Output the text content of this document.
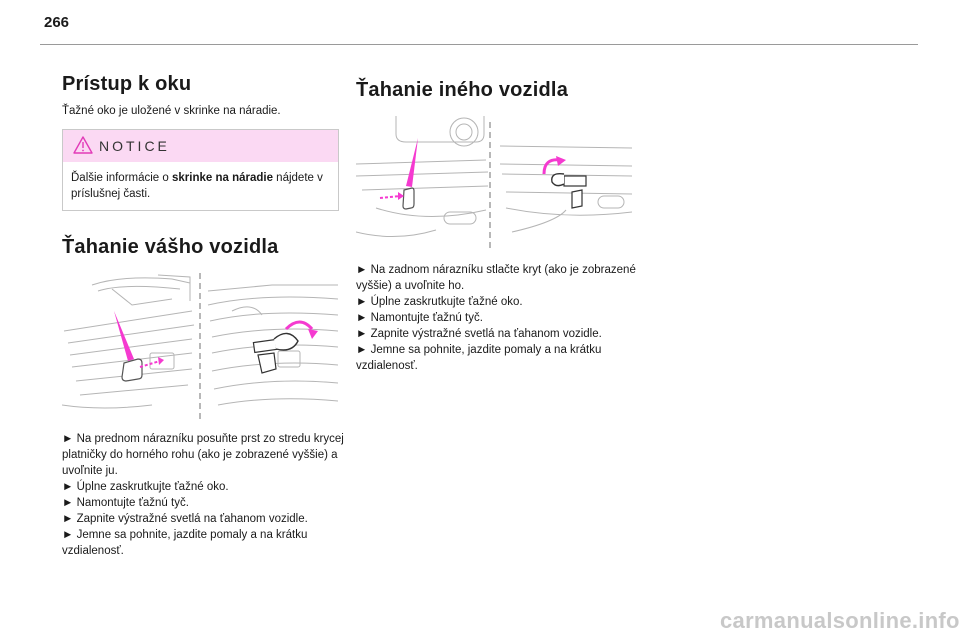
266
Prístup k oku

Ťažné oko je uložené v skrinke na náradie.

NOTICE
Ďalšie informácie o skrinke na náradie nájdete v príslušnej časti.
Ťahanie vášho vozidla
► Na prednom nárazníku posuňte prst zo stredu krycej platničky do horného rohu (ako je zobrazené vyššie) a uvoľnite ju.
► Úplne zaskrutkujte ťažné oko.
► Namontujte ťažnú tyč.
► Zapnite výstražné svetlá na ťahanom vozidle.
► Jemne sa pohnite, jazdite pomaly a na krátku vzdialenosť.
Ťahanie iného vozidla
► Na zadnom nárazníku stlačte kryt (ako je zobrazené vyššie) a uvoľnite ho.
► Úplne zaskrutkujte ťažné oko.
► Namontujte ťažnú tyč.
► Zapnite výstražné svetlá na ťahanom vozidle.
► Jemne sa pohnite, jazdite pomaly a na krátku vzdialenosť.
carmanualsonline.info
